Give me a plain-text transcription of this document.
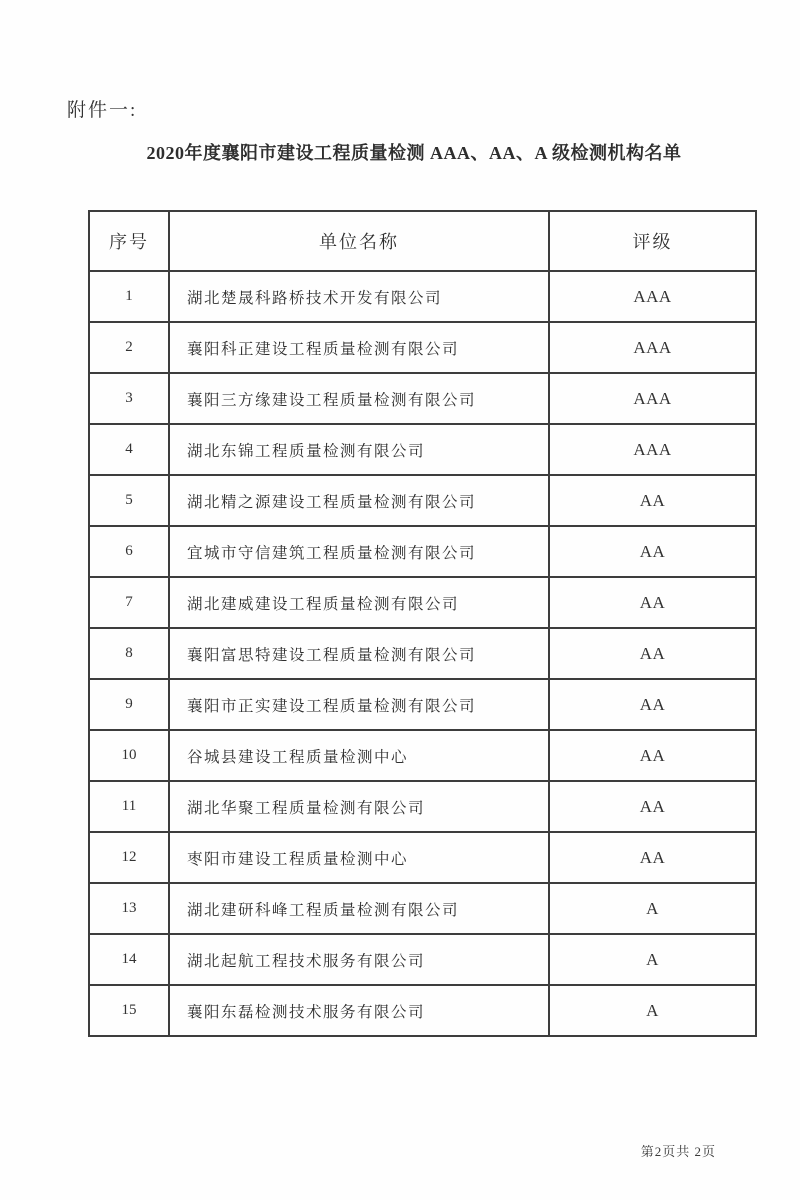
附件一:
2020年度襄阳市建设工程质量检测 AAA、AA、A 级检测机构名单
序号	单位名称	评级
1	湖北楚晟科路桥技术开发有限公司	AAA
2	襄阳科正建设工程质量检测有限公司	AAA
3	襄阳三方缘建设工程质量检测有限公司	AAA
4	湖北东锦工程质量检测有限公司	AAA
5	湖北精之源建设工程质量检测有限公司	AA
6	宜城市守信建筑工程质量检测有限公司	AA
7	湖北建威建设工程质量检测有限公司	AA
8	襄阳富思特建设工程质量检测有限公司	AA
9	襄阳市正实建设工程质量检测有限公司	AA
10	谷城县建设工程质量检测中心	AA
11	湖北华聚工程质量检测有限公司	AA
12	枣阳市建设工程质量检测中心	AA
13	湖北建研科峰工程质量检测有限公司	A
14	湖北起航工程技术服务有限公司	A
15	襄阳东磊检测技术服务有限公司	A
第2页共 2页
